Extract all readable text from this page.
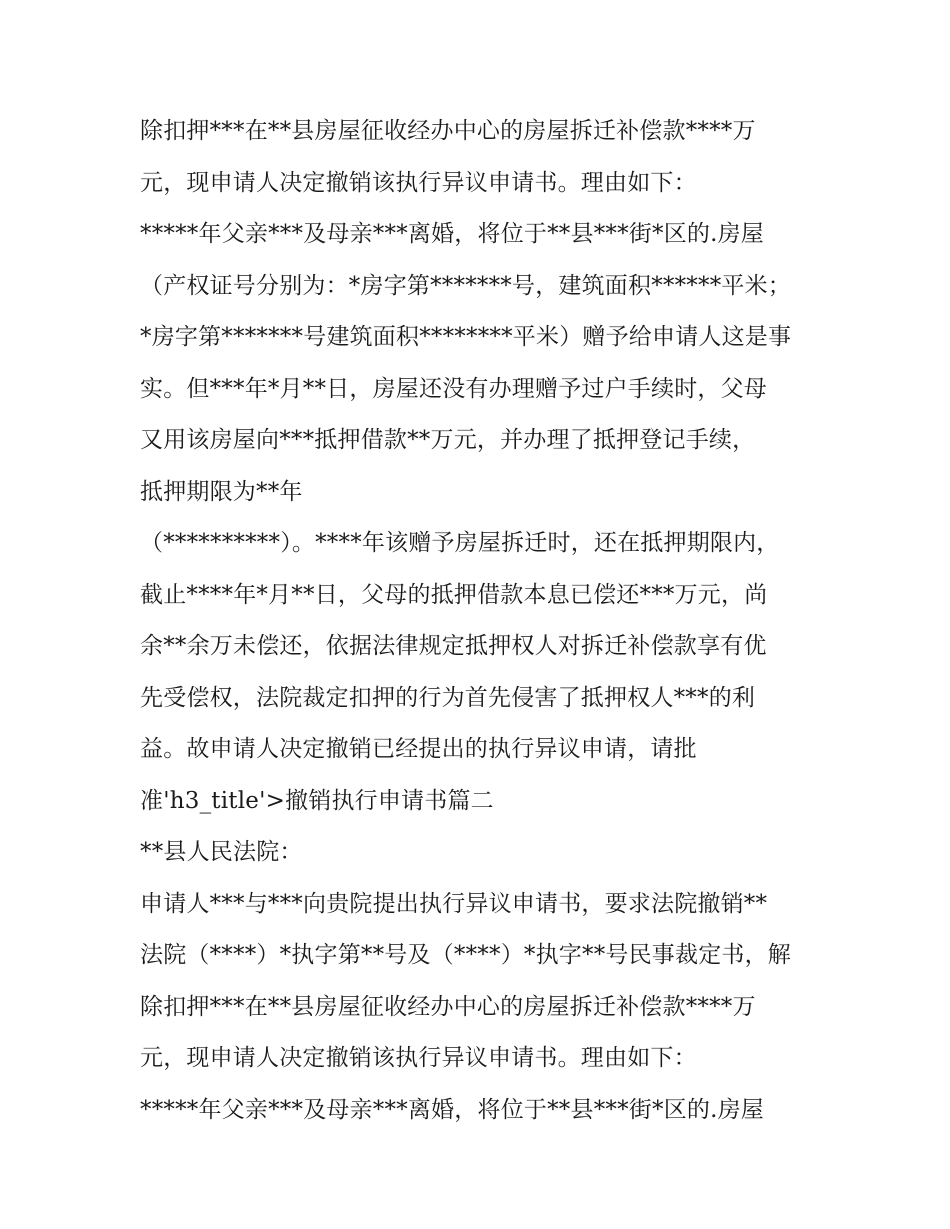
除扣押***在**县房屋征收经办中心的房屋拆迁补偿款****万
元，现申请人决定撤销该执行异议申请书。理由如下：
*****年父亲***及母亲***离婚，将位于**县***街*区的.房屋
（产权证号分别为：*房字第*******号，建筑面积******平米；
*房字第*******号建筑面积********平米）赠予给申请人这是事
实。但***年*月**日，房屋还没有办理赠予过户手续时，父母
又用该房屋向***抵押借款**万元，并办理了抵押登记手续，
抵押期限为**年
（**********）。****年该赠予房屋拆迁时，还在抵押期限内，
截止****年*月**日，父母的抵押借款本息已偿还***万元，尚
余**余万未偿还，依据法律规定抵押权人对拆迁补偿款享有优
先受偿权，法院裁定扣押的行为首先侵害了抵押权人***的利
益。故申请人决定撤销已经提出的执行异议申请，请批
准'h3_title'>撤销执行申请书篇二
**县人民法院：
申请人***与***向贵院提出执行异议申请书，要求法院撤销**
法院（****）*执字第**号及（****）*执字**号民事裁定书，解
除扣押***在**县房屋征收经办中心的房屋拆迁补偿款****万
元，现申请人决定撤销该执行异议申请书。理由如下：
*****年父亲***及母亲***离婚，将位于**县***街*区的.房屋
